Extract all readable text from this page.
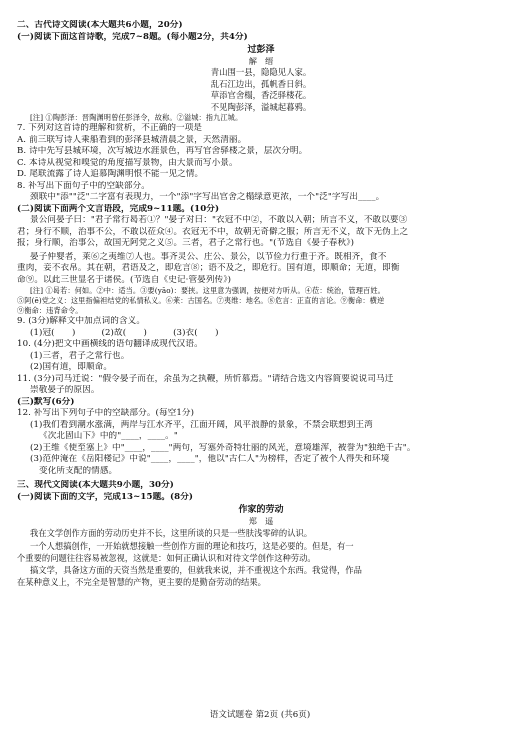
二、古代诗文阅读(本大题共6小题，20分)
(一)阅读下面这首诗歌，完成7~8题。(每小题2分，共4分)
过彭泽
解　缙
青山围一县，隐隐见人家。
乱石江边出，孤帆香日斜。
草添官舍榻，香泛驿楼花。
不见陶彭泽，溢城起暮鸦。
[注] ①陶彭泽：晋陶渊明曾任彭泽令，故称。②溢城：指九江城。
7. 下列对这首诗的理解和赏析，不正确的一项是
A. 前三联写诗人乘船看到的彭泽县城清晨之景，天然清丽。
B. 诗中先写县城环境，次写城边水涯景色，再写官舍驿楼之景，层次分明。
C. 本诗从视觉和嗅觉的角度描写景物，由大景而写小景。
D. 尾联流露了诗人追慕陶渊明恨不能一见之情。
8. 补写出下面句子中的空缺部分。
颈联中"添""泛"二字富有表现力，一个"添"字写出官舍之榻绿意更浓，一个"泛"字写出____。
(二)阅读下面两个文言语段，完成9~11题。(10分)
景公问晏子曰："君子常行曷若①？"晏子对曰："衣冠不中②，不敢以入朝；所言不义，不敢以要③
君；身行不顺，治事不公，不敢以莅众④。衣冠无不中，故朝无奇僻之服；所言无不义，故下无伪上之
报；身行顺，治事公，故国无阿党之义⑤。三者，君子之常行也。"(节选自《晏子春秋》)
晏子仲婴者，莱⑥之夷维⑦人也。事齐灵公、庄公、景公，以节俭力行重于齐。既相齐，食不
重肉，妾不衣帛。其在朝，君语及之，即危言⑧；语不及之，即危行。国有道，即顺命；无道，即衡
命⑨。以此三世显名于诸侯。(节选自《史记·管晏列传》)
[注] ①曷若：何如。②中：适当。③要(yāo)：要挟。这里意为强调，按便对方听从。④莅：统治，管理百姓。
⑤阿(ē)党之义：这里指偏袒结党的私情私义。⑥莱：古国名。⑦夷维：地名。⑧危言：正直的言论。⑨衡命：横逆
⑨衡命：违背命令。
9. (3分)解释文中加点词的含义。
(1)冠(　　)　　　(2)故(　　)　　　(3)衣(　　)
10. (4分)把文中画横线的语句翻译成现代汉语。
(1)三者，君子之常行也。
(2)国有道，即顺命。
11. (3分)司马迁说："假令晏子而在，余虽为之执鞭，所忻慕焉。"请结合选文内容简要说说司马迁
崇敬晏子的原因。
(三)默写(6分)
12. 补写出下列句子中的空缺部分。(每空1分)
(1)我们看到潮水涨满，两岸与江水齐平，江面开阔，风平浪静的景象，不禁会联想到王湾
《次北固山下》中的"____，____。"
(2)王维《使至塞上》中"____，____"两句，写塞外奇特壮丽的风光，意境雄浑，被誉为"独绝千古"。
(3)范仲淹在《岳阳楼记》中说"____，____"，他以"古仁人"为榜样，否定了被个人得失和环境
变化所支配的情感。
三、现代文阅读(本大题共9小题，30分)
(一)阅读下面的文字，完成13~15题。(8分)
作家的劳动
郑　遥
我在文学创作方面的劳动历史并不长，这里所谈的只是一些肤浅零碎的认识。
一个人想搞创作，一开始就想接触一些创作方面的理论和技巧，这是必要的。但是，有一
个重要的问题往往容易被忽视，这就是：如何正确认识和对待文学创作这种劳动。
搞文学，具备这方面的天资当然是重要的，但就我来说，并不重视这个东西。我觉得，作品
在某种意义上，不完全是智慧的产物，更主要的是勤奋劳动的结果。
语文试题卷 第2页 (共6页)
